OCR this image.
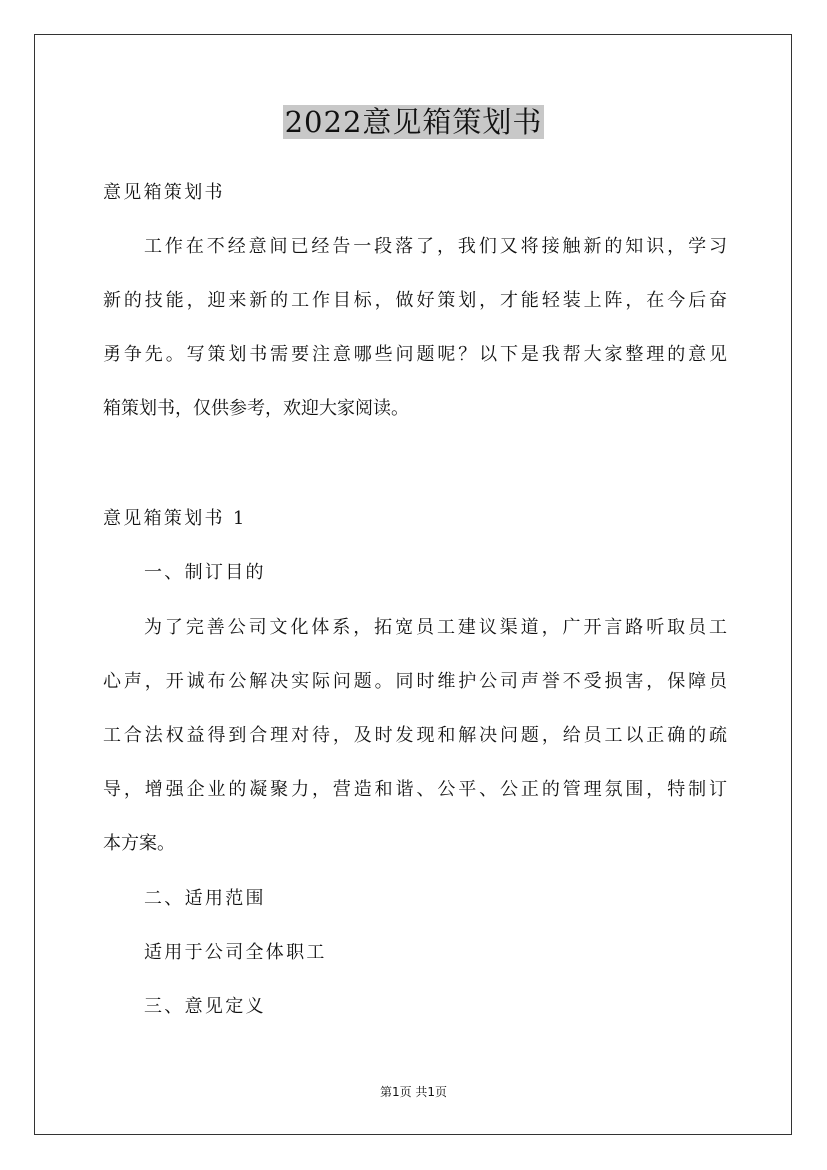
2022意见箱策划书

意见箱策划书

工作在不经意间已经告一段落了，我们又将接触新的知识，学习
新的技能，迎来新的工作目标，做好策划，才能轻装上阵，在今后奋
勇争先。写策划书需要注意哪些问题呢？以下是我帮大家整理的意见
箱策划书，仅供参考，欢迎大家阅读。

意见箱策划书 1

一、制订目的

为了完善公司文化体系，拓宽员工建议渠道，广开言路听取员工
心声，开诚布公解决实际问题。同时维护公司声誉不受损害，保障员
工合法权益得到合理对待，及时发现和解决问题，给员工以正确的疏
导，增强企业的凝聚力，营造和谐、公平、公正的管理氛围，特制订
本方案。

二、适用范围

适用于公司全体职工

三、意见定义

第1页 共1页
